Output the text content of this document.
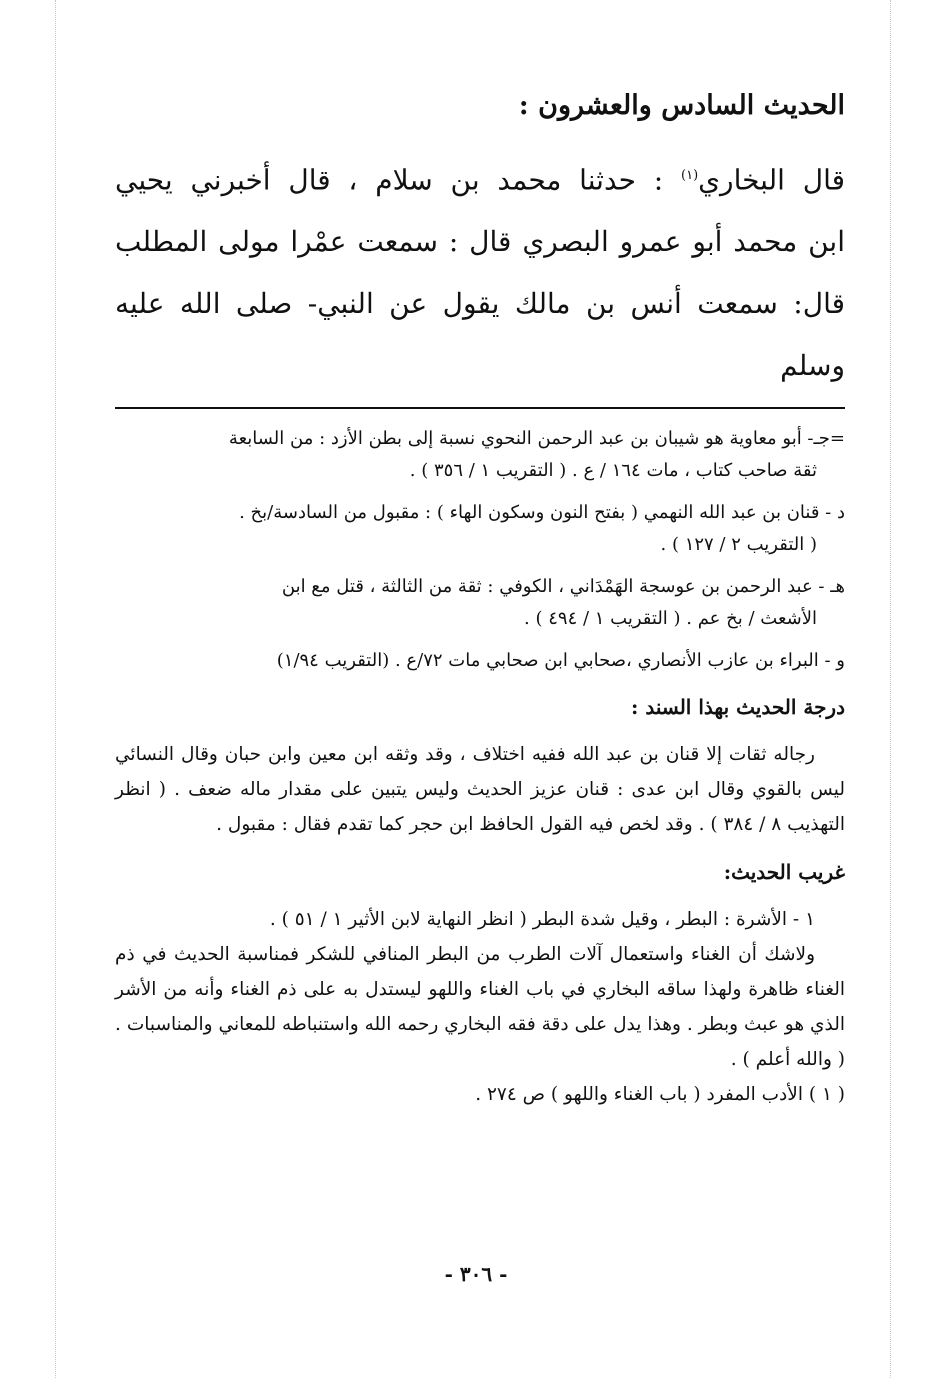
الحديث السادس والعشرون :
قال البخاري$^{(١)}$ : حدثنا محمد بن سلام ، قال أخبرني يحيي
ابن محمد أبو عمرو البصري قال : سمعت عمْرا مولى المطلب
قال: سمعت أنس بن مالك يقول عن النبي- صلى الله عليه وسلم
=جـ- أبو معاوية هو شيبان بن عبد الرحمن النحوي نسبة إلى بطن الأزد : من السابعة
ثقة صاحب كتاب ، مات ١٦٤ / ع . ( التقريب ١ / ٣٥٦ ) .
د - قنان بن عبد الله النهمي ( بفتح النون وسكون الهاء ) : مقبول من السادسة/بخ .
( التقريب ٢ / ١٢٧ ) .
هـ - عبد الرحمن بن عوسجة الهَمْدَاني ، الكوفي : ثقة من الثالثة ، قتل مع ابن
الأشعث / بخ عم . ( التقريب ١ / ٤٩٤ ) .
و - البراء بن عازب الأنصاري ،صحابي ابن صحابي مات ٧٢/ع . (التقريب ١/٩٤)
درجة الحديث بهذا السند :

رجاله ثقات إلا قنان بن عبد الله ففيه اختلاف ، وقد وثقه ابن معين وابن حبان وقال النسائي ليس بالقوي وقال ابن عدى : قنان عزيز الحديث وليس يتبين على مقدار ماله ضعف . ( انظر التهذيب ٨ / ٣٨٤ ) . وقد لخص فيه القول الحافظ ابن حجر كما تقدم فقال : مقبول .

غريب الحديث:

١ - الأشرة : البطر ، وقيل شدة البطر ( انظر النهاية لابن الأثير ١ / ٥١ ) .

ولاشك أن الغناء واستعمال آلات الطرب من البطر المنافي للشكر فمناسبة الحديث في ذم الغناء ظاهرة ولهذا ساقه البخاري في باب الغناء واللهو ليستدل به على ذم الغناء وأنه من الأشر الذي هو عبث وبطر . وهذا يدل على دقة فقه البخاري رحمه الله واستنباطه للمعاني والمناسبات . ( والله أعلم ) .

( ١ ) الأدب المفرد ( باب الغناء واللهو ) ص ٢٧٤ .

- ٣٠٦ -
